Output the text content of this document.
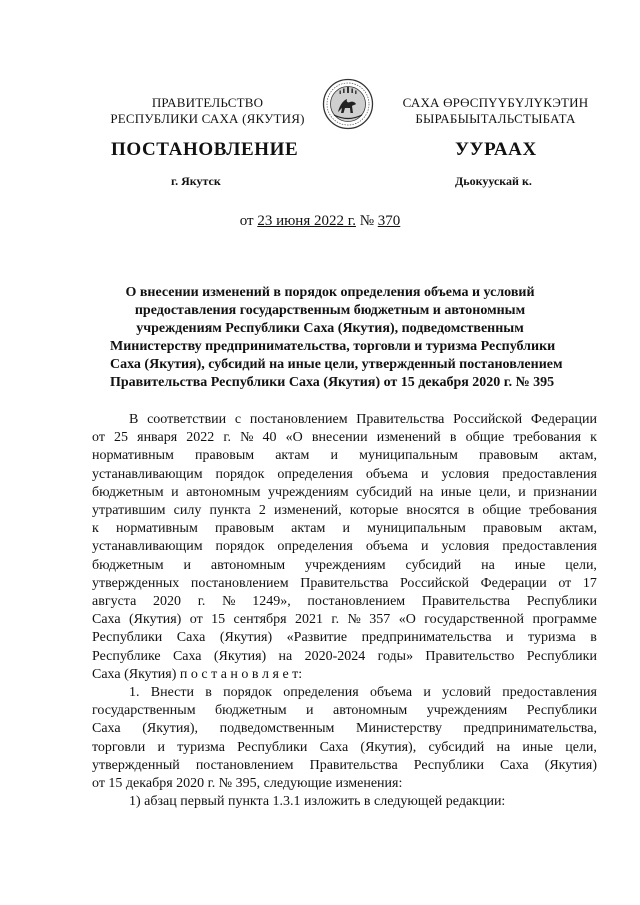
ПРАВИТЕЛЬСТВО
РЕСПУБЛИКИ САХА (ЯКУТИЯ)
САХА ӨРӨСПҮҮБҮЛҮКЭТИН
БЫРАБЫЫТАЛЬСТЫБАТА
ПОСТАНОВЛЕНИЕ	УУРААХ
г. Якутск	Дьокуускай к.
от 23 июня 2022 г. № 370
О внесении изменений в порядок определения объема и условий
предоставления государственным бюджетным и автономным
учреждениям Республики Саха (Якутия), подведомственным
Министерству предпринимательства, торговли и туризма Республики
Саха (Якутия), субсидий на иные цели, утвержденный постановлением
Правительства Республики Саха (Якутия) от 15 декабря 2020 г. № 395
В соответствии с постановлением Правительства Российской Федерации
от 25 января 2022 г. № 40 «О внесении изменений в общие требования к
нормативным правовым актам и муниципальным правовым актам,
устанавливающим порядок определения объема и условия предоставления
бюджетным и автономным учреждениям субсидий на иные цели, и признании
утратившим силу пункта 2 изменений, которые вносятся в общие требования
к нормативным правовым актам и муниципальным правовым актам,
устанавливающим порядок определения объема и условия предоставления
бюджетным и автономным учреждениям субсидий на иные цели,
утвержденных постановлением Правительства Российской Федерации от 17
августа 2020 г. № 1249», постановлением Правительства Республики
Саха (Якутия) от 15 сентября 2021 г. № 357 «О государственной программе
Республики Саха (Якутия) «Развитие предпринимательства и туризма в
Республике Саха (Якутия) на 2020-2024 годы» Правительство Республики
Саха (Якутия) п о с т а н о в л я е т:
1. Внести в порядок определения объема и условий предоставления
государственным бюджетным и автономным учреждениям Республики
Саха (Якутия), подведомственным Министерству предпринимательства,
торговли и туризма Республики Саха (Якутия), субсидий на иные цели,
утвержденный постановлением Правительства Республики Саха (Якутия)
от 15 декабря 2020 г. № 395, следующие изменения:
1) абзац первый пункта 1.3.1 изложить в следующей редакции:
